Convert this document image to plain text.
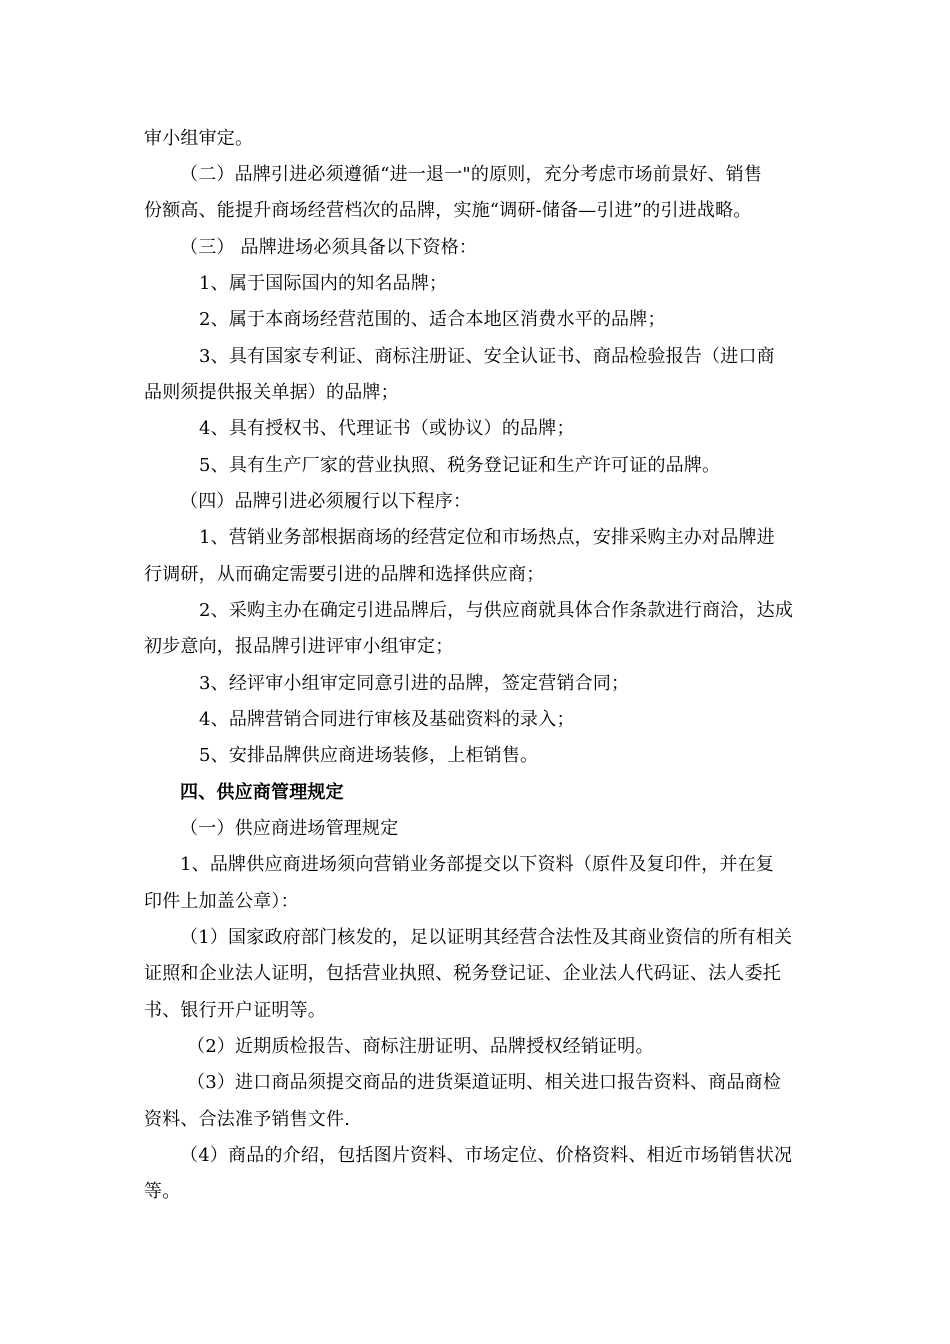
审小组审定。
（二）品牌引进必须遵循“进一退一"的原则，充分考虑市场前景好、销售
份额高、能提升商场经营档次的品牌，实施“调研-储备—引进”的引进战略。
（三） 品牌进场必须具备以下资格：
1、属于国际国内的知名品牌；
2、属于本商场经营范围的、适合本地区消费水平的品牌；
3、具有国家专利证、商标注册证、安全认证书、商品检验报告（进口商
品则须提供报关单据）的品牌；
4、具有授权书、代理证书（或协议）的品牌；
5、具有生产厂家的营业执照、税务登记证和生产许可证的品牌。
（四）品牌引进必须履行以下程序：
1、营销业务部根据商场的经营定位和市场热点，安排采购主办对品牌进
行调研，从而确定需要引进的品牌和选择供应商；
2、采购主办在确定引进品牌后，与供应商就具体合作条款进行商洽，达成
初步意向，报品牌引进评审小组审定；
3、经评审小组审定同意引进的品牌，签定营销合同；
4、品牌营销合同进行审核及基础资料的录入；
5、安排品牌供应商进场装修，上柜销售。
四、供应商管理规定
（一）供应商进场管理规定
1、品牌供应商进场须向营销业务部提交以下资料（原件及复印件，并在复
印件上加盖公章）：
（1）国家政府部门核发的，足以证明其经营合法性及其商业资信的所有相关
证照和企业法人证明，包括营业执照、税务登记证、企业法人代码证、法人委托
书、银行开户证明等。
（2）近期质检报告、商标注册证明、品牌授权经销证明。
（3）进口商品须提交商品的进货渠道证明、相关进口报告资料、商品商检
资料、合法准予销售文件.
（4）商品的介绍，包括图片资料、市场定位、价格资料、相近市场销售状况
等。
